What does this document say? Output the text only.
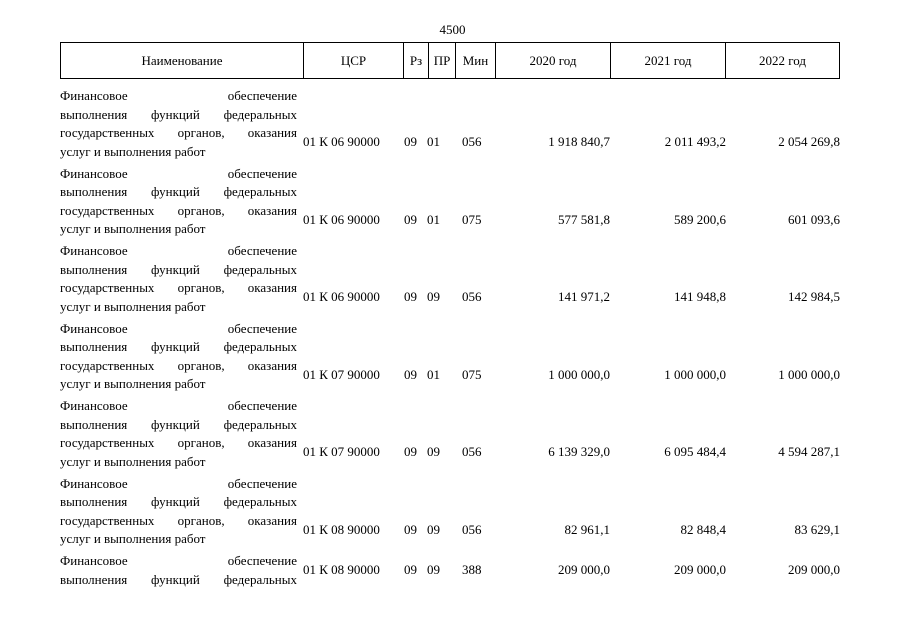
4500
Наименование	ЦСР	Рз ПР Мин	2020 год	2021 год	2022 год
Финансовое	обеспечение
выполнения функций федеральных
государственных органов, оказания
услуг и выполнения работ
01 К 06 90000 09 01 056	1 918 840,7	2 011 493,2	2 054 269,8
Финансовое	обеспечение
выполнения функций федеральных
государственных органов, оказания
услуг и выполнения работ
01 К 06 90000 09 01 075	577 581,8	589 200,6	601 093,6
Финансовое	обеспечение
выполнения функций федеральных
государственных органов, оказания
услуг и выполнения работ
01 К 06 90000 09 09 056	141 971,2	141 948,8	142 984,5
Финансовое	обеспечение
выполнения функций федеральных
государственных органов, оказания
услуг и выполнения работ
01 К 07 90000 09 01 075	1 000 000,0	1 000 000,0	1 000 000,0
Финансовое	обеспечение
выполнения функций федеральных
государственных органов, оказания
услуг и выполнения работ
01 К 07 90000 09 09 056	6 139 329,0	6 095 484,4	4 594 287,1
Финансовое	обеспечение
выполнения функций федеральных
государственных органов, оказания
услуг и выполнения работ
01 К 08 90000 09 09 056	82 961,1	82 848,4	83 629,1
Финансовое	обеспечение
выполнения функций федеральных
01 К 08 90000 09 09 388	209 000,0	209 000,0	209 000,0
